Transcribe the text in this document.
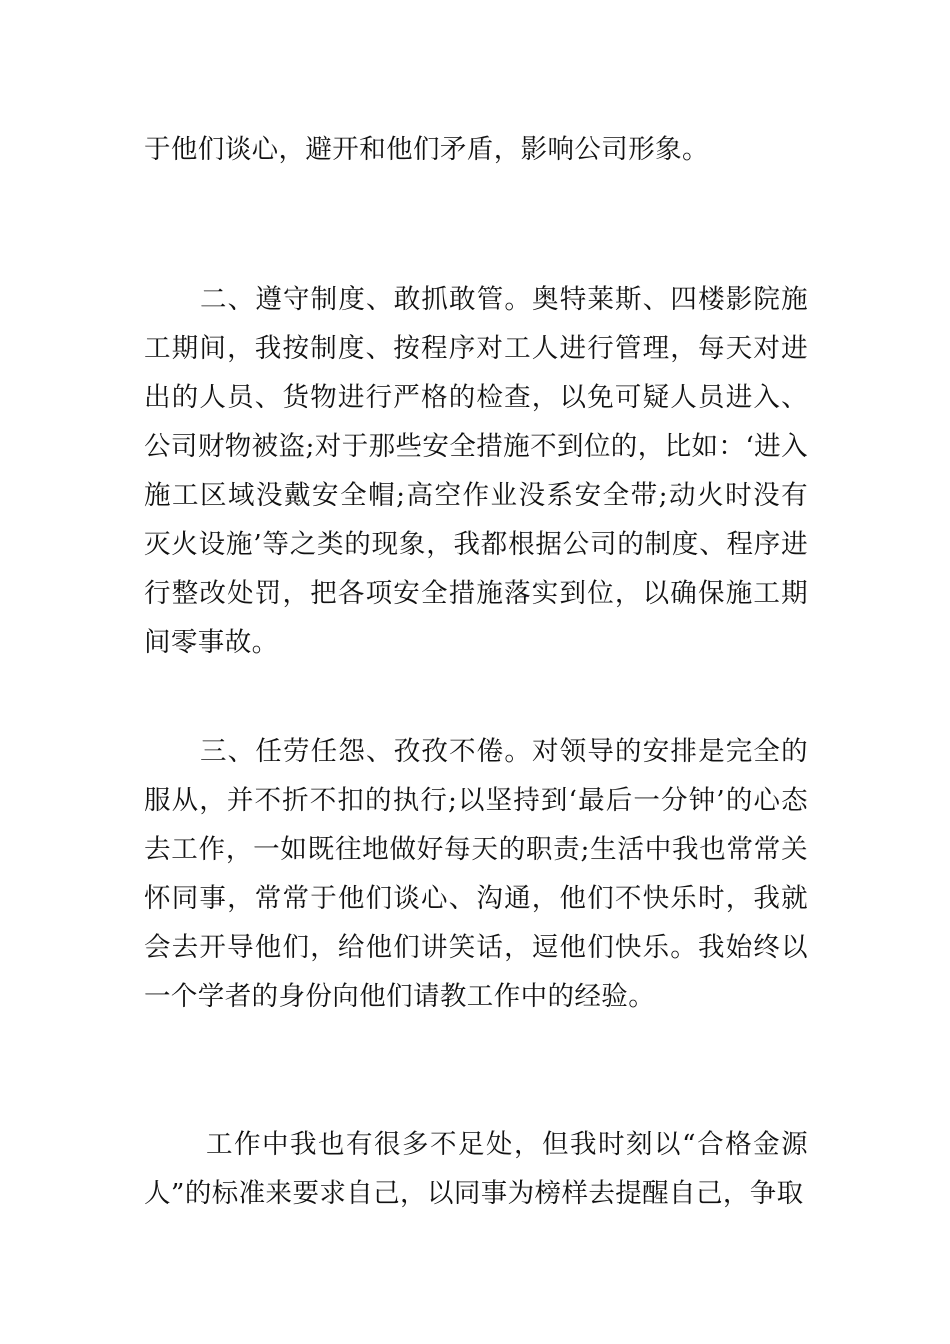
于他们谈心，避开和他们矛盾，影响公司形象。

二、遵守制度、敢抓敢管。奥特莱斯、四楼影院施工期间，我按制度、按程序对工人进行管理，每天对进出的人员、货物进行严格的检查，以免可疑人员进入、公司财物被盗;对于那些安全措施不到位的，比如：‘进入施工区域没戴安全帽;高空作业没系安全带;动火时没有灭火设施’等之类的现象，我都根据公司的制度、程序进行整改处罚，把各项安全措施落实到位，以确保施工期间零事故。

三、任劳任怨、孜孜不倦。对领导的安排是完全的服从，并不折不扣的执行;以坚持到‘最后一分钟’的心态去工作，一如既往地做好每天的职责;生活中我也常常关怀同事，常常于他们谈心、沟通，他们不快乐时，我就会去开导他们，给他们讲笑话，逗他们快乐。我始终以一个学者的身份向他们请教工作中的经验。

工作中我也有很多不足处，但我时刻以“合格金源人”的标准来要求自己，以同事为榜样去提醒自己，争取
